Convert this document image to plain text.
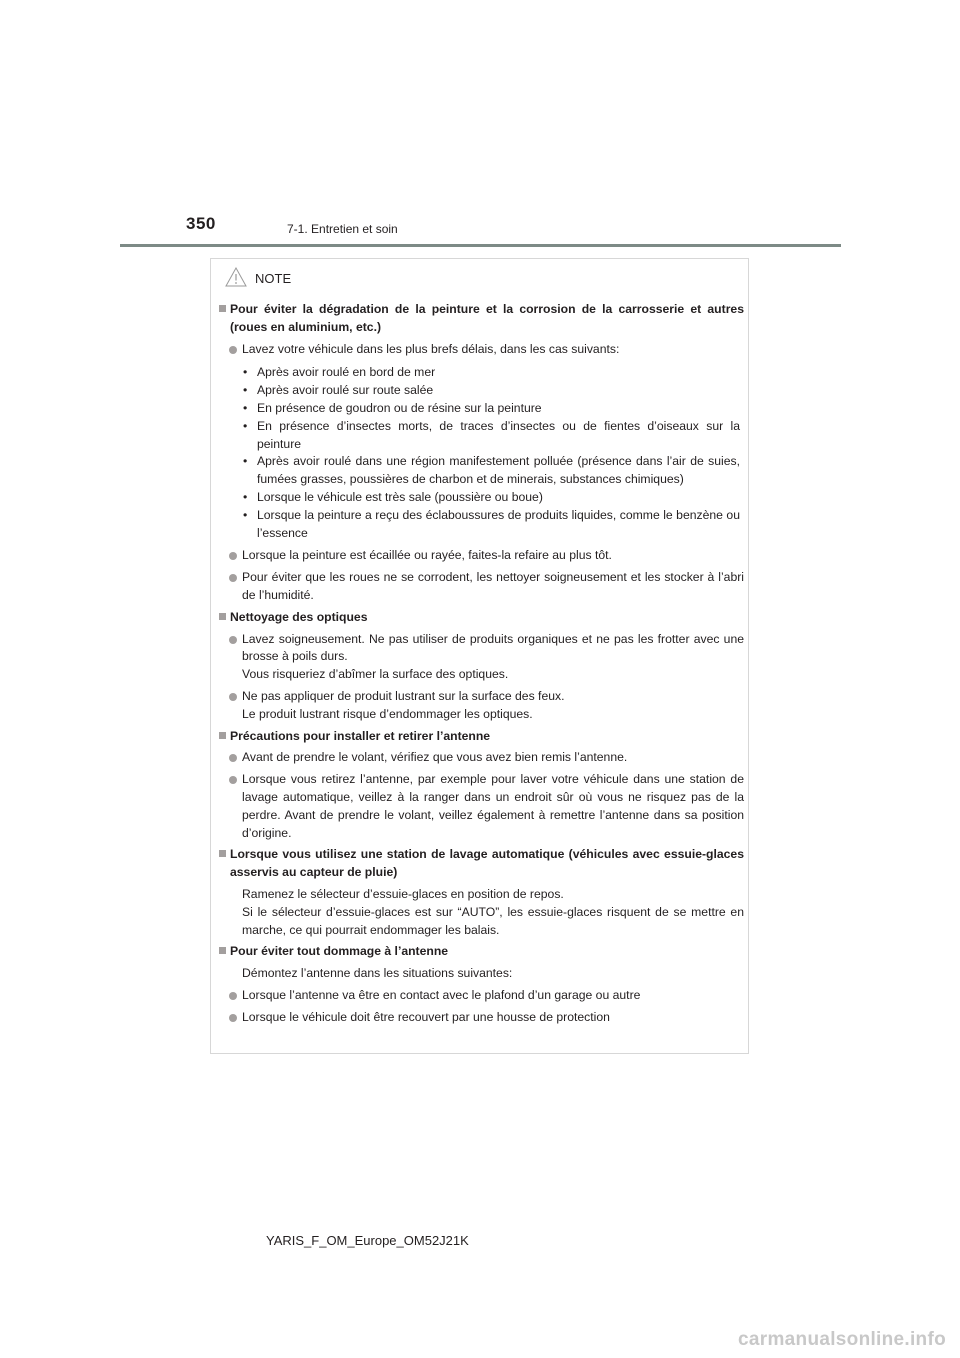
350	7-1. Entretien et soin
NOTE
Pour éviter la dégradation de la peinture et la corrosion de la carrosserie et autres (roues en aluminium, etc.)
Lavez votre véhicule dans les plus brefs délais, dans les cas suivants:
• Après avoir roulé en bord de mer
• Après avoir roulé sur route salée
• En présence de goudron ou de résine sur la peinture
• En présence d’insectes morts, de traces d’insectes ou de fientes d’oiseaux sur la peinture
• Après avoir roulé dans une région manifestement polluée (présence dans l’air de suies, fumées grasses, poussières de charbon et de minerais, substances chimiques)
• Lorsque le véhicule est très sale (poussière ou boue)
• Lorsque la peinture a reçu des éclaboussures de produits liquides, comme le benzène ou l’essence
Lorsque la peinture est écaillée ou rayée, faites-la refaire au plus tôt.
Pour éviter que les roues ne se corrodent, les nettoyer soigneusement et les stocker à l’abri de l’humidité.
Nettoyage des optiques
Lavez soigneusement. Ne pas utiliser de produits organiques et ne pas les frotter avec une brosse à poils durs.
Vous risqueriez d’abîmer la surface des optiques.
Ne pas appliquer de produit lustrant sur la surface des feux.
Le produit lustrant risque d’endommager les optiques.
Précautions pour installer et retirer l’antenne
Avant de prendre le volant, vérifiez que vous avez bien remis l’antenne.
Lorsque vous retirez l’antenne, par exemple pour laver votre véhicule dans une station de lavage automatique, veillez à la ranger dans un endroit sûr où vous ne risquez pas de la perdre. Avant de prendre le volant, veillez également à remettre l’antenne dans sa position d’origine.
Lorsque vous utilisez une station de lavage automatique (véhicules avec essuie-glaces asservis au capteur de pluie)
Ramenez le sélecteur d’essuie-glaces en position de repos.
Si le sélecteur d’essuie-glaces est sur “AUTO”, les essuie-glaces risquent de se mettre en marche, ce qui pourrait endommager les balais.
Pour éviter tout dommage à l’antenne
Démontez l’antenne dans les situations suivantes:
Lorsque l’antenne va être en contact avec le plafond d’un garage ou autre
Lorsque le véhicule doit être recouvert par une housse de protection
YARIS_F_OM_Europe_OM52J21K
carmanualsonline.info
